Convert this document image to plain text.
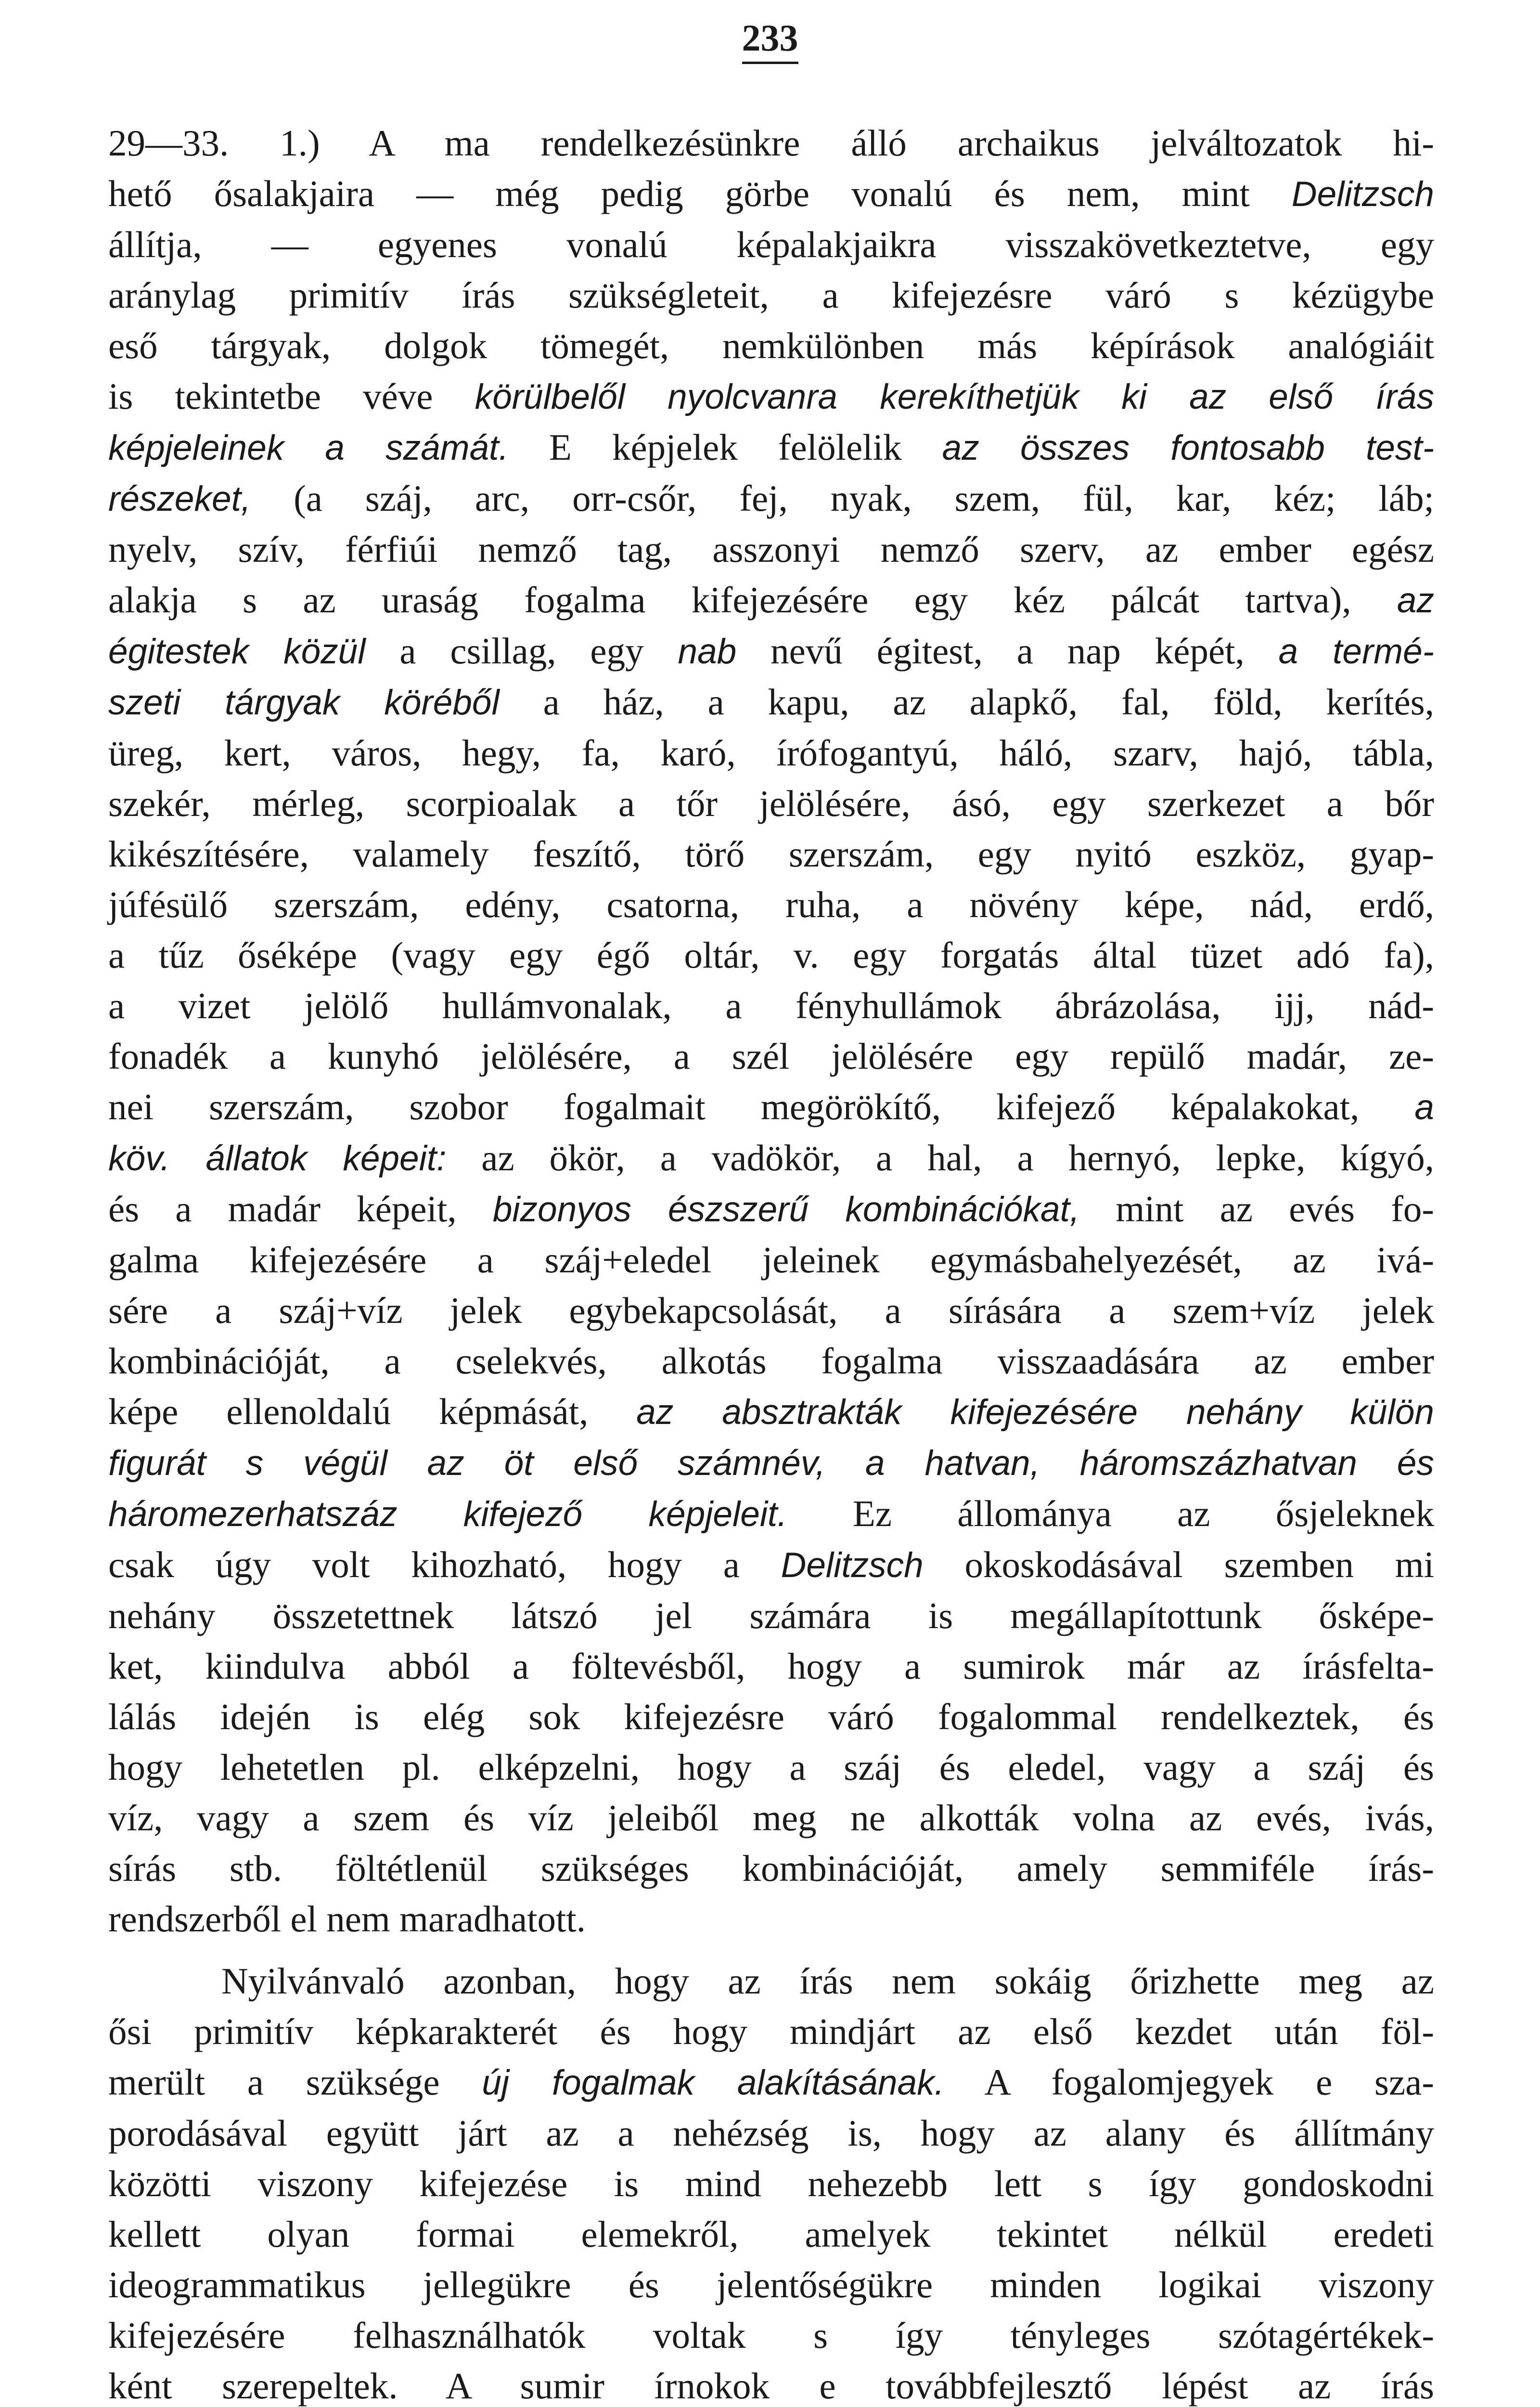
233

29—33. 1.) A ma rendelkezésünkre álló archaikus jelváltozatok hi-
hető ősalakjaira — még pedig görbe vonalú és nem, mint Delitzsch
állítja, — egyenes vonalú képalakjaikra visszakövetkeztetve, egy
aránylag primitív írás szükségleteit, a kifejezésre váró s kézügybe
eső tárgyak, dolgok tömegét, nemkülönben más képírások analógiáit
is tekintetbe véve körülbelől nyolcvanra kerekíthetjük ki az első írás
képjeleinek a számát. E képjelek felölelik az összes fontosabb test-
részeket, (a száj, arc, orr-csőr, fej, nyak, szem, fül, kar, kéz; láb;
nyelv, szív, férfiúi nemző tag, asszonyi nemző szerv, az ember egész
alakja s az uraság fogalma kifejezésére egy kéz pálcát tartva), az
égitestek közül a csillag, egy nab nevű égitest, a nap képét, a termé-
szeti tárgyak köréből a ház, a kapu, az alapkő, fal, föld, kerítés,
üreg, kert, város, hegy, fa, karó, írófogantyú, háló, szarv, hajó, tábla,
szekér, mérleg, scorpioalak a tőr jelölésére, ásó, egy szerkezet a bőr
kikészítésére, valamely feszítő, törő szerszám, egy nyitó eszköz, gyap-
júfésülő szerszám, edény, csatorna, ruha, a növény képe, nád, erdő,
a tűz őséképe (vagy egy égő oltár, v. egy forgatás által tüzet adó fa),
a vizet jelölő hullámvonalak, a fényhullámok ábrázolása, ijj, nád-
fonadék a kunyhó jelölésére, a szél jelölésére egy repülő madár, ze-
nei szerszám, szobor fogalmait megörökítő, kifejező képalakokat, a
köv. állatok képeit: az ökör, a vadökör, a hal, a hernyó, lepke, kígyó,
és a madár képeit, bizonyos észszerű kombinációkat, mint az evés fo-
galma kifejezésére a száj+eledel jeleinek egymásbahelyezését, az ivá-
sére a száj+víz jelek egybekapcsolását, a sírására a szem+víz jelek
kombinációját, a cselekvés, alkotás fogalma visszaadására az ember
képe ellenoldalú képmását, az absztrakták kifejezésére nehány külön
figurát s végül az öt első számnév, a hatvan, háromszázhatvan és
háromezerhatszáz kifejező képjeleit. Ez állománya az ősjeleknek
csak úgy volt kihozható, hogy a Delitzsch okoskodásával szemben mi
nehány összetettnek látszó jel számára is megállapítottunk ősképe-
ket, kiindulva abból a föltevésből, hogy a sumirok már az írásfelta-
lálás idején is elég sok kifejezésre váró fogalommal rendelkeztek, és
hogy lehetetlen pl. elképzelni, hogy a száj és eledel, vagy a száj és
víz, vagy a szem és víz jeleiből meg ne alkották volna az evés, ivás,
sírás stb. föltétlenül szükséges kombinációját, amely semmiféle írás-
rendszerből el nem maradhatott.

Nyilvánvaló azonban, hogy az írás nem sokáig őrizhette meg az
ősi primitív képkarakterét és hogy mindjárt az első kezdet után föl-
merült a szüksége új fogalmak alakításának. A fogalomjegyek e sza-
porodásával együtt járt az a nehézség is, hogy az alany és állítmány
közötti viszony kifejezése is mind nehezebb lett s így gondoskodni
kellett olyan formai elemekről, amelyek tekintet nélkül eredeti
ideogrammatikus jellegükre és jelentőségükre minden logikai viszony
kifejezésére felhasználhatók voltak s így tényleges szótagértékek-
ként szerepeltek. A sumir írnokok e továbbfejlesztő lépést az írás
